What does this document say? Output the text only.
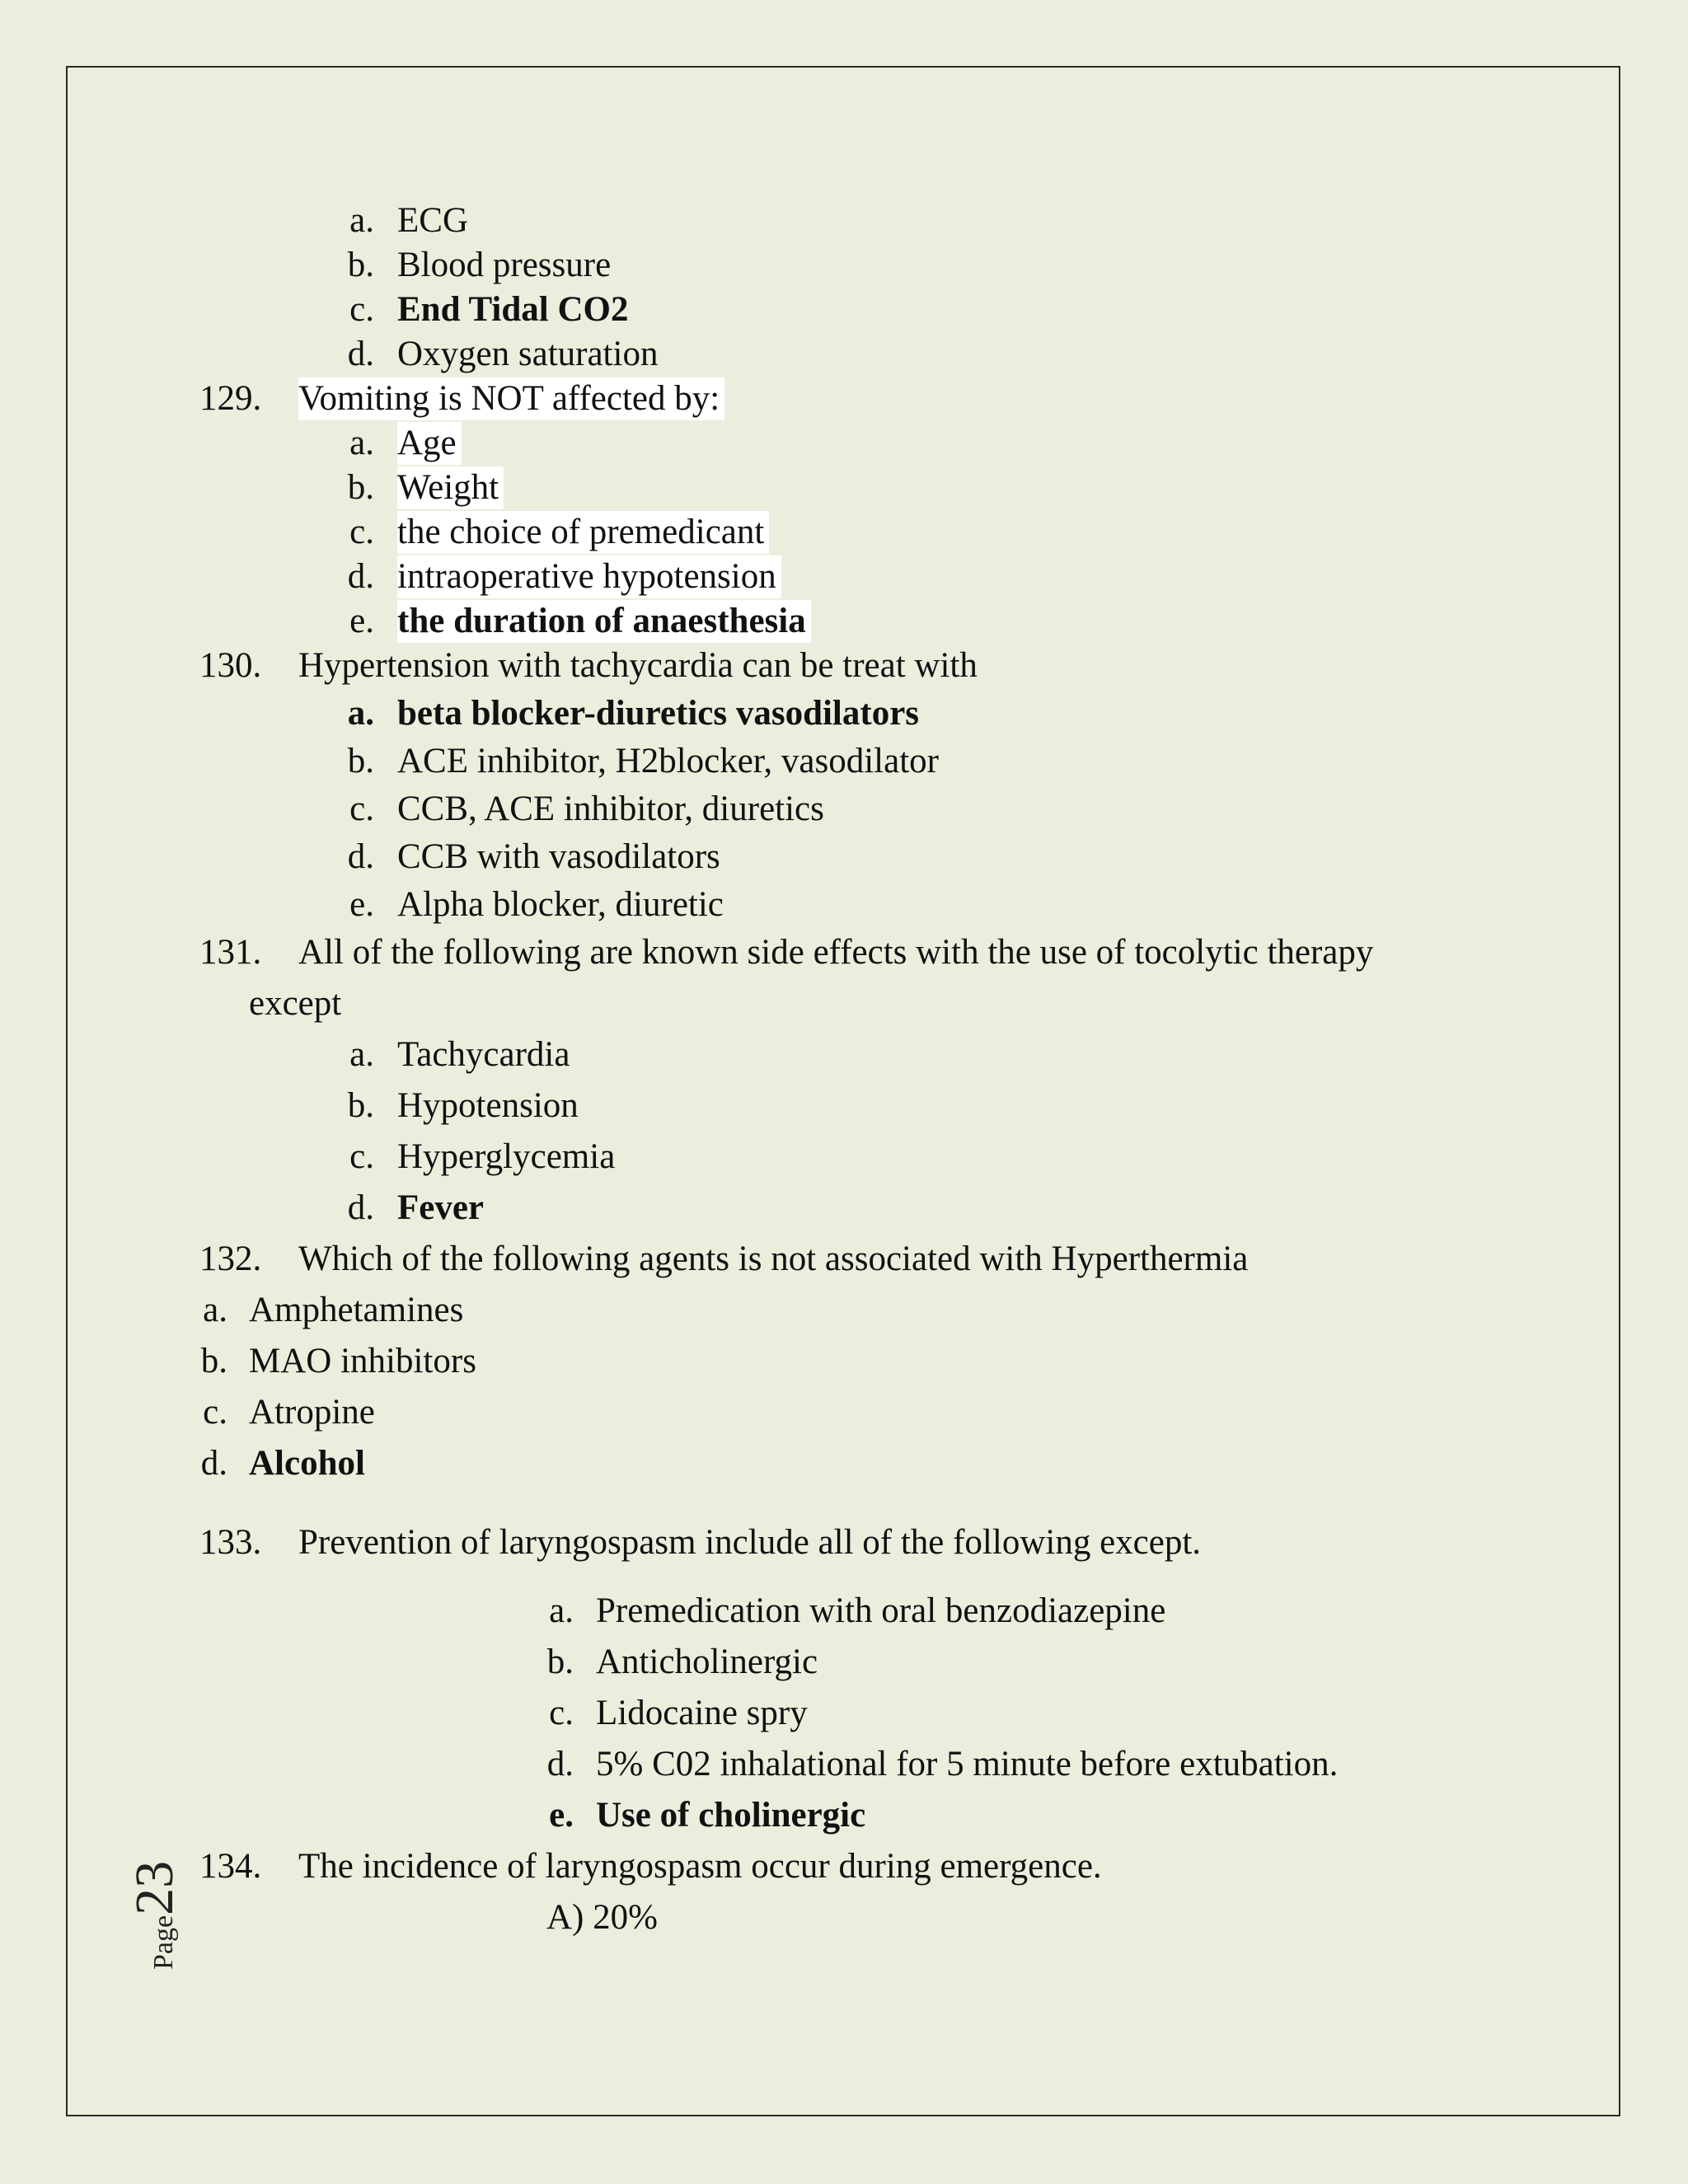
a. ECG
b. Blood pressure
c. End Tidal CO2
d. Oxygen saturation
129. Vomiting is NOT affected by:
a. Age
b. Weight
c. the choice of premedicant
d. intraoperative hypotension
e. the duration of anaesthesia
130. Hypertension with tachycardia can be treat with
a. beta blocker-diuretics vasodilators
b. ACE inhibitor, H2blocker, vasodilator
c. CCB, ACE inhibitor, diuretics
d. CCB with vasodilators
e. Alpha blocker, diuretic
131. All of the following are known side effects with the use of tocolytic therapy
except
a. Tachycardia
b. Hypotension
c. Hyperglycemia
d. Fever
132. Which of the following agents is not associated with Hyperthermia
a. Amphetamines
b. MAO inhibitors
c. Atropine
d. Alcohol
133. Prevention of laryngospasm include all of the following except.
a. Premedication with oral benzodiazepine
b. Anticholinergic
c. Lidocaine spry
d. 5% C02 inhalational for 5 minute before extubation.
e. Use of cholinergic
134. The incidence of laryngospasm occur during emergence.
A) 20%
Page23
